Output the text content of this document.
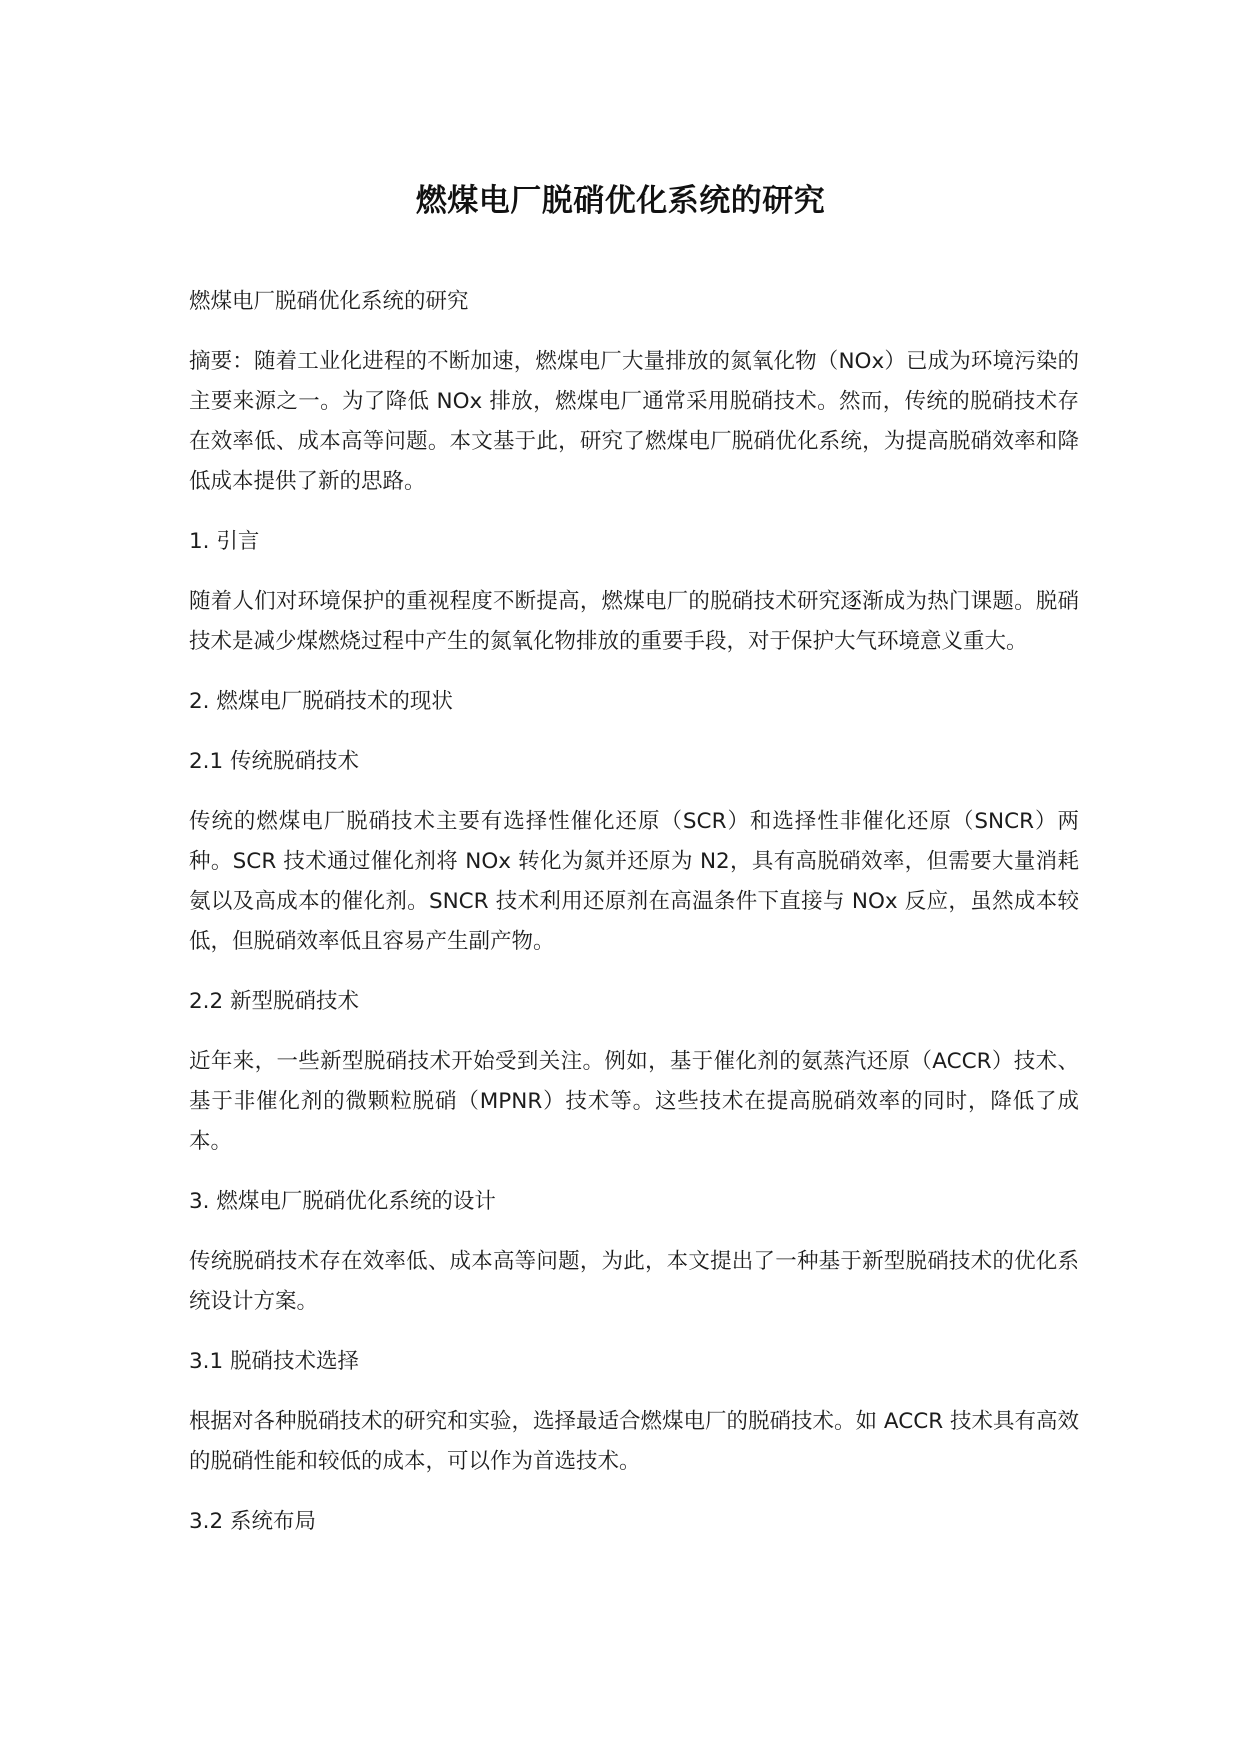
燃煤电厂脱硝优化系统的研究

燃煤电厂脱硝优化系统的研究

摘要：随着工业化进程的不断加速，燃煤电厂大量排放的氮氧化物（NOx）已成为环境污染的主要来源之一。为了降低 NOx 排放，燃煤电厂通常采用脱硝技术。然而，传统的脱硝技术存在效率低、成本高等问题。本文基于此，研究了燃煤电厂脱硝优化系统，为提高脱硝效率和降低成本提供了新的思路。

1. 引言

随着人们对环境保护的重视程度不断提高，燃煤电厂的脱硝技术研究逐渐成为热门课题。脱硝技术是减少煤燃烧过程中产生的氮氧化物排放的重要手段，对于保护大气环境意义重大。

2. 燃煤电厂脱硝技术的现状

2.1 传统脱硝技术

传统的燃煤电厂脱硝技术主要有选择性催化还原（SCR）和选择性非催化还原（SNCR）两种。SCR 技术通过催化剂将 NOx 转化为氮并还原为 N2，具有高脱硝效率，但需要大量消耗氨以及高成本的催化剂。SNCR 技术利用还原剂在高温条件下直接与 NOx 反应，虽然成本较低，但脱硝效率低且容易产生副产物。

2.2 新型脱硝技术

近年来，一些新型脱硝技术开始受到关注。例如，基于催化剂的氨蒸汽还原（ACCR）技术、基于非催化剂的微颗粒脱硝（MPNR）技术等。这些技术在提高脱硝效率的同时，降低了成本。

3. 燃煤电厂脱硝优化系统的设计

传统脱硝技术存在效率低、成本高等问题，为此，本文提出了一种基于新型脱硝技术的优化系统设计方案。

3.1 脱硝技术选择

根据对各种脱硝技术的研究和实验，选择最适合燃煤电厂的脱硝技术。如 ACCR 技术具有高效的脱硝性能和较低的成本，可以作为首选技术。

3.2 系统布局
